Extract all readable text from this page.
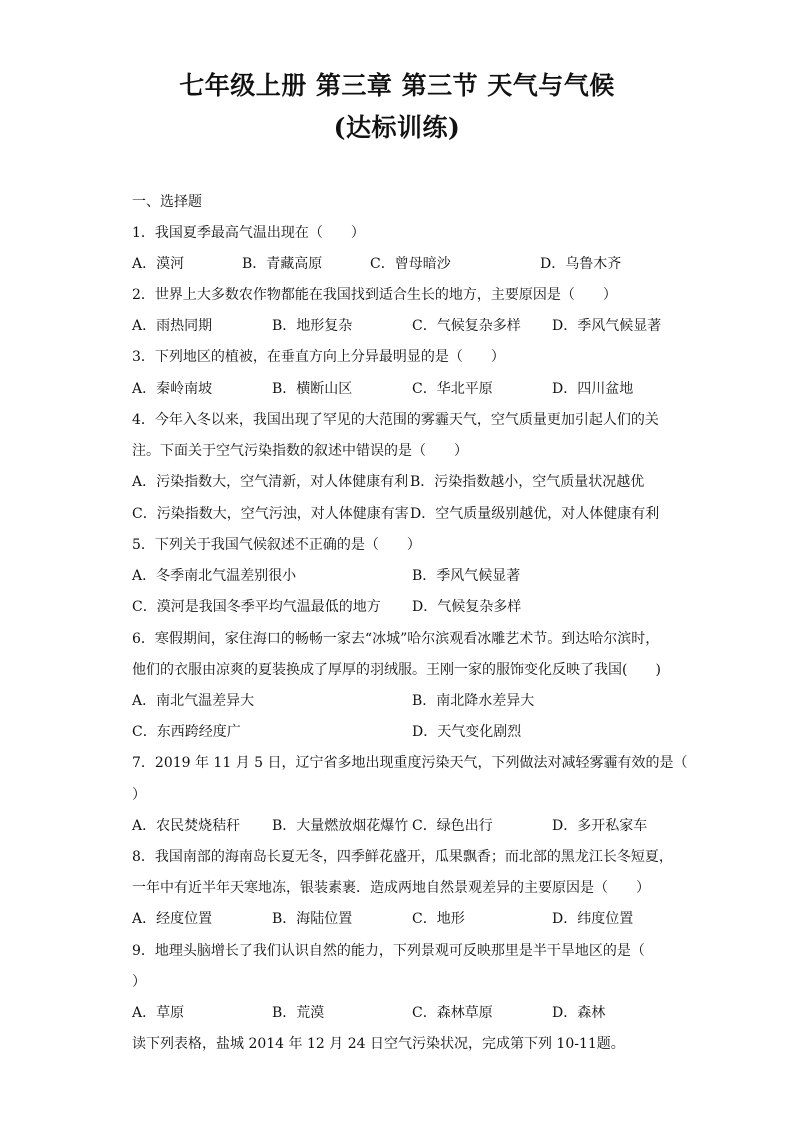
七年级上册 第三章 第三节 天气与气候
(达标训练)
一、选择题
1．我国夏季最高气温出现在（　　）
A．漠河	B．青藏高原	C．曾母暗沙	D．乌鲁木齐
2．世界上大多数农作物都能在我国找到适合生长的地方，主要原因是（　　）
A．雨热同期	B．地形复杂	C．气候复杂多样 D．季风气候显著
3．下列地区的植被，在垂直方向上分异最明显的是（　　）
A．秦岭南坡	B．横断山区	C．华北平原	D．四川盆地
4．今年入冬以来，我国出现了罕见的大范围的雾霾天气，空气质量更加引起人们的关
注。下面关于空气污染指数的叙述中错误的是（　　）
A．污染指数大，空气清新，对人体健康有利 B．污染指数越小，空气质量状况越优
C．污染指数大，空气污浊，对人体健康有害 D．空气质量级别越优，对人体健康有利
5．下列关于我国气候叙述不正确的是（　　）
A．冬季南北气温差别很小	B．季风气候显著
C．漠河是我国冬季平均气温最低的地方 D．气候复杂多样
6．寒假期间，家住海口的畅畅一家去“冰城”哈尔滨观看冰雕艺术节。到达哈尔滨时，
他们的衣服由凉爽的夏装换成了厚厚的羽绒服。王刚一家的服饰变化反映了我国(　　)
A．南北气温差异大	B．南北降水差异大
C．东西跨经度广	D．天气变化剧烈
7．2019 年 11 月 5 日，辽宁省多地出现重度污染天气，下列做法对减轻雾霾有效的是（
）
A．农民焚烧秸秆 B．大量燃放烟花爆竹 C．绿色出行	D．多开私家车
8．我国南部的海南岛长夏无冬，四季鲜花盛开，瓜果飘香；而北部的黑龙江长冬短夏，
一年中有近半年天寒地冻，银装素裹．造成两地自然景观差异的主要原因是（　　）
A．经度位置	B．海陆位置	C．地形	D．纬度位置
9．地理头脑增长了我们认识自然的能力，下列景观可反映那里是半干旱地区的是（
）
A．草原	B．荒漠	C．森林草原	D．森林
读下列表格，盐城 2014 年 12 月 24 日空气污染状况，完成第下列 10-11题。
